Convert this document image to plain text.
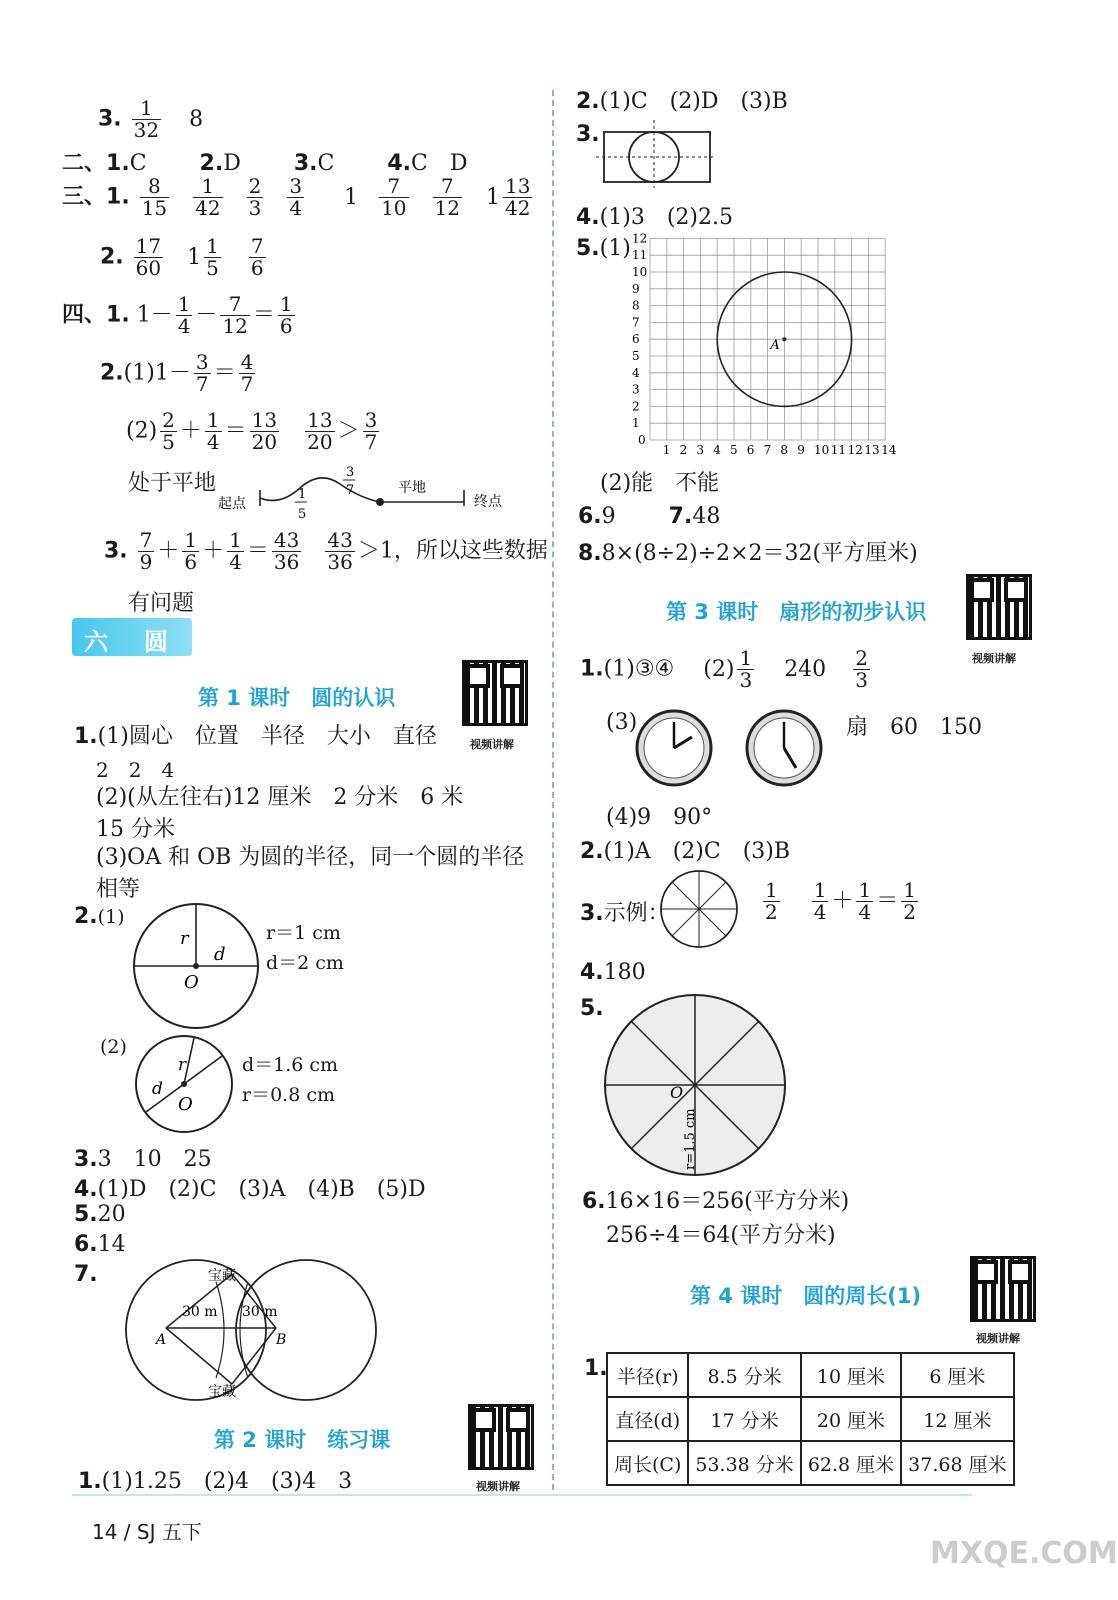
3. $\frac{1}{32} 8$
二、1.C 2.D 3.C 4.C　D
三、1. $\frac{8}{15}$
$\frac{1}{42}$
$\frac{2}{3}$
$\frac{3}{4} 1 \frac{7}{10}$
$\frac{7}{12} 1 \frac{13}{42}$
2. $\frac{17}{60} 1 \frac{1}{5}$
$\frac{7}{6}$
四、1. $1- \frac{1}{4} - \frac{7}{12} = \frac{1}{6}$
$2.(1)1- \frac{3}{7} = \frac{4}{7}$
$(2) \frac{2}{5} + \frac{1}{4} = \frac{13}{20}$
$\frac{13}{20} > \frac{3}{7}$
处于平地
起点
平地
终点
1
5
3
7
3. $\frac{7}{9} + \frac{1}{6} + \frac{1}{4} = \frac{43}{36}$
$\frac{43}{36} >1$，所以这些数据
有问题
六 圆
第 1 课时　圆的认识
视频讲解
1.(1)圆心　位置　半径　大小　直径
2　2　4
(2)(从左往右)12 厘米　2 分米　6 米
15 分米
(3)OA 和 OB 为圆的半径，同一个圆的半径
相等
2.(1)
r
d
O
r＝1 cm
d＝2 cm
(2)
r
d
O
d＝1.6 cm
r＝0.8 cm
3.3　10　25
4.(1)D　(2)C　(3)A　(4)B　(5)D
5.20
6.14
7.	宝藏
宝藏
30 m 30 m
A	B
第 2 课时　练习课
视频讲解
1.(1)1.25　(2)4　(3)4　3
2.(1)C　(2)D　(3)B
3.
4.(1)3　(2)2.5
5.(1)
1 2 3 4 5 6 7 8 9 10 11 12 13 14
1
2
3
4
5
6
7
8
9
10
11
12
0
A
(2)能　不能
6.9 7.48
8.8×(8÷2)÷2×2＝32(平方厘米)
第 3 课时　扇形的初步认识
视频讲解
1.(1)③④ $(2) \frac{1}{3} 240 \frac{2}{3}$
(3)	扇　60　150
(4)9　90°
2.(1)A　(2)C　(3)B
3.示例：	$\frac{1}{2}$
$\frac{1}{4} + \frac{1}{4} = \frac{1}{2}$
4.180
5.
O
r=1.5 cm
6.16×16＝256(平方分米)
256÷4＝64(平方分米)
第 4 课时　圆的周长(1)
视频讲解
1. 半径(r)	8.5 分米	10 厘米	6 厘米
直径(d)	17 分米	20 厘米	12 厘米
周长(C)	53.38 分米	62.8 厘米	37.68 厘米
14 / SJ 五下
MXQE.COM
